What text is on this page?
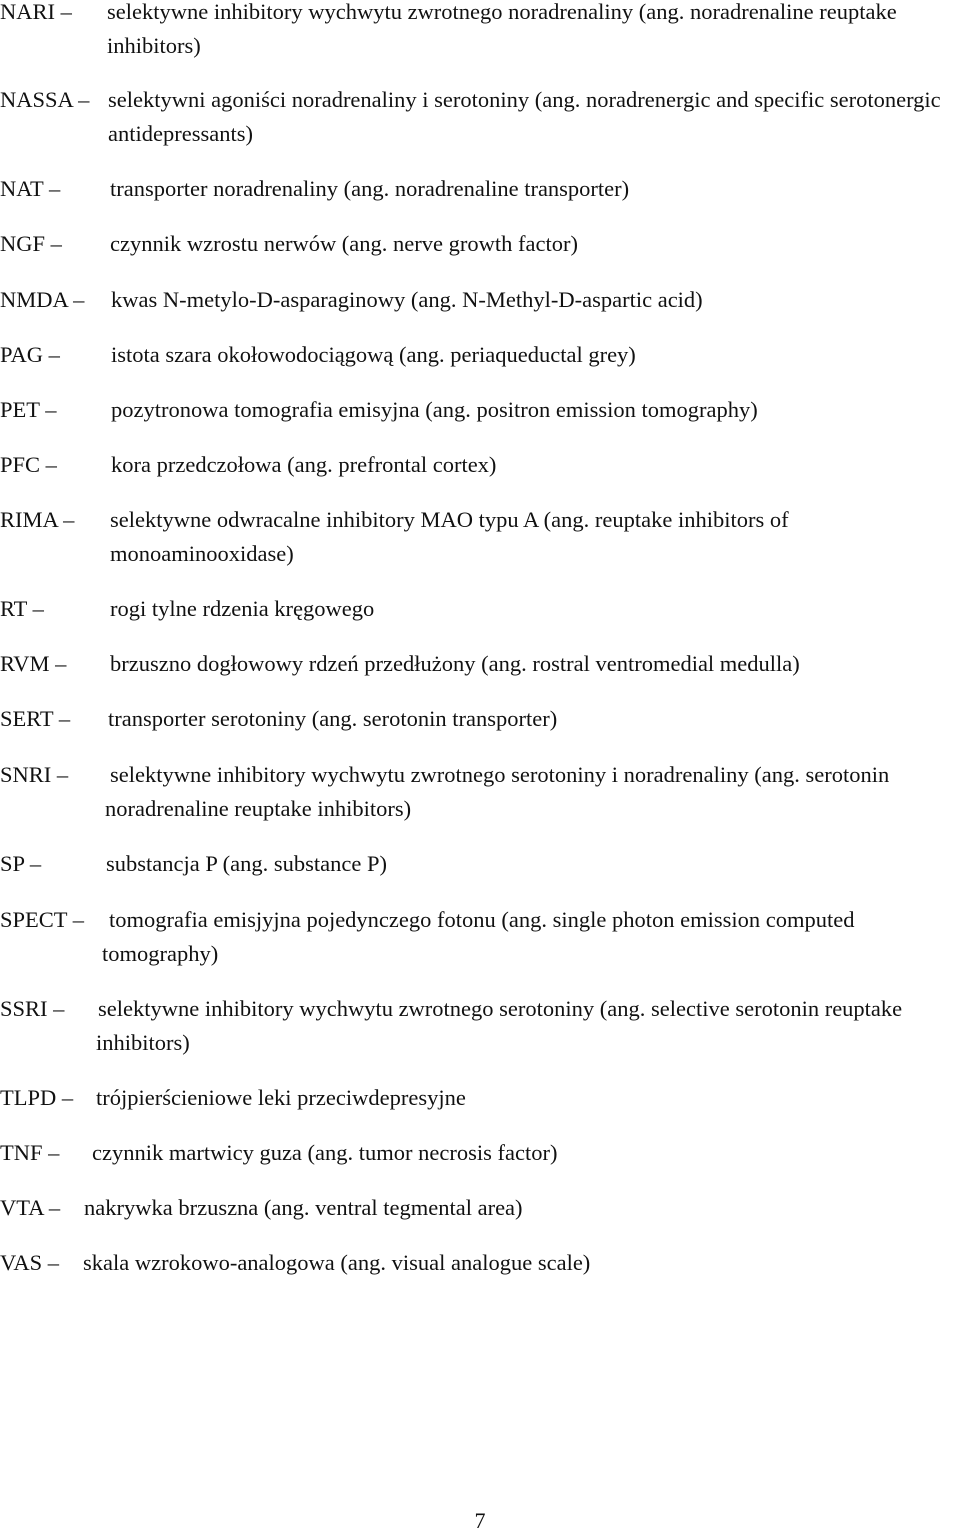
NARI – selektywne inhibitory wychwytu zwrotnego noradrenaliny (ang. noradrenaline reuptake inhibitors)
NASSA – selektywni agoniści noradrenaliny i serotoniny (ang. noradrenergic and specific serotonergic antidepressants)
NAT – transporter noradrenaliny (ang. noradrenaline transporter)
NGF – czynnik wzrostu nerwów (ang. nerve growth factor)
NMDA – kwas N-metylo-D-asparaginowy (ang. N-Methyl-D-aspartic acid)
PAG – istota szara okołowodociągową (ang. periaqueductal grey)
PET – pozytronowa tomografia emisyjna (ang. positron emission tomography)
PFC – kora przedczołowa (ang. prefrontal cortex)
RIMA – selektywne odwracalne inhibitory MAO typu A (ang. reuptake inhibitors of monoaminooxidase)
RT –	rogi tylne rdzenia kręgowego
RVM – brzuszno dogłowowy rdzeń przedłużony (ang. rostral ventromedial medulla)
SERT – transporter serotoniny (ang. serotonin transporter)
SNRI – selektywne inhibitory wychwytu zwrotnego serotoniny i noradrenaliny (ang. serotonin noradrenaline reuptake inhibitors)
SP –	substancja P (ang. substance P)
SPECT –	tomografia emisjyjna pojedynczego fotonu (ang. single photon emission computed tomography)
SSRI – selektywne inhibitory wychwytu zwrotnego serotoniny (ang. selective serotonin reuptake inhibitors)
TLPD – trójpierścieniowe leki przeciwdepresyjne
TNF – czynnik martwicy guza (ang. tumor necrosis factor)
VTA – nakrywka brzuszna (ang. ventral tegmental area)
VAS – skala wzrokowo-analogowa (ang. visual analogue scale)
7
